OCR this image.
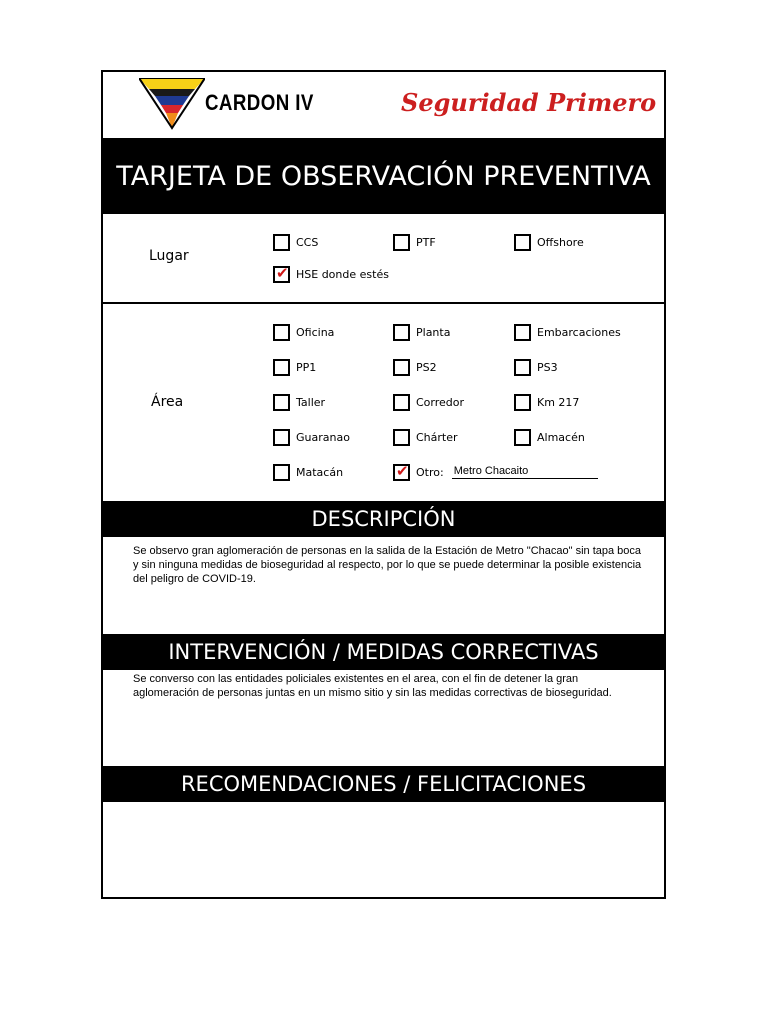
CARDON IV	Seguridad Primero
TARJETA DE OBSERVACIÓN PREVENTIVA
Lugar
CCS	PTF	Offshore
✔ HSE donde estés
Área
Oficina	Planta	Embarcaciones
PP1	PS2	PS3
Taller	Corredor	Km 217
Guaranao	Chárter	Almacén
Matacán	✔ Otro: Metro Chacaito
DESCRIPCIÓN
Se observo gran aglomeración de personas en la salida de la Estación de Metro "Chacao" sin tapa boca y sin ninguna medidas de bioseguridad al respecto, por lo que se puede determinar la posible existencia del peligro de COVID-19.
INTERVENCIÓN / MEDIDAS CORRECTIVAS
Se converso con las entidades policiales existentes en el area, con el fin de detener la gran aglomeración de personas juntas en un mismo sitio y sin las medidas correctivas de bioseguridad.
RECOMENDACIONES / FELICITACIONES
